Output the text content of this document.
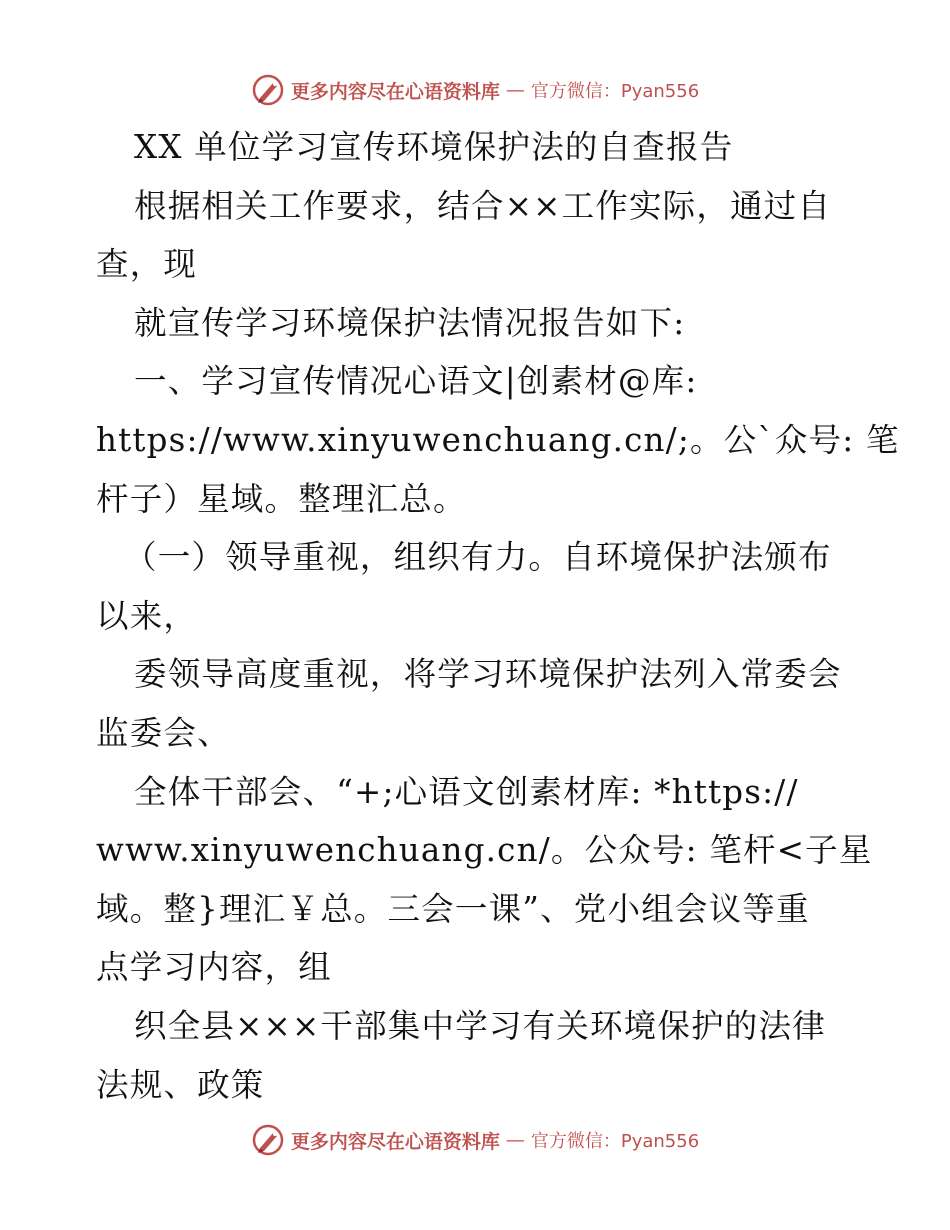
更多内容尽在心语资料库 — 官方微信：Pyan556
XX 单位学习宣传环境保护法的自查报告
根据相关工作要求，结合××工作实际，通过自
查，现
就宣传学习环境保护法情况报告如下:
一、学习宣传情况心语文|创素材@库:
https://www.xinyuwenchuang.cn/;。公`众号: 笔
杆子）星域。整理汇总。
（一）领导重视，组织有力。自环境保护法颁布
以来，
委领导高度重视，将学习环境保护法列入常委会
监委会、
全体干部会、“+;心语文创素材库: *https://
www.xinyuwenchuang.cn/。公众号: 笔杆<子星
域。整}理汇￥总。三会一课”、党小组会议等重
点学习内容，组
织全县×××干部集中学习有关环境保护的法律
法规、政策
更多内容尽在心语资料库 — 官方微信：Pyan556
